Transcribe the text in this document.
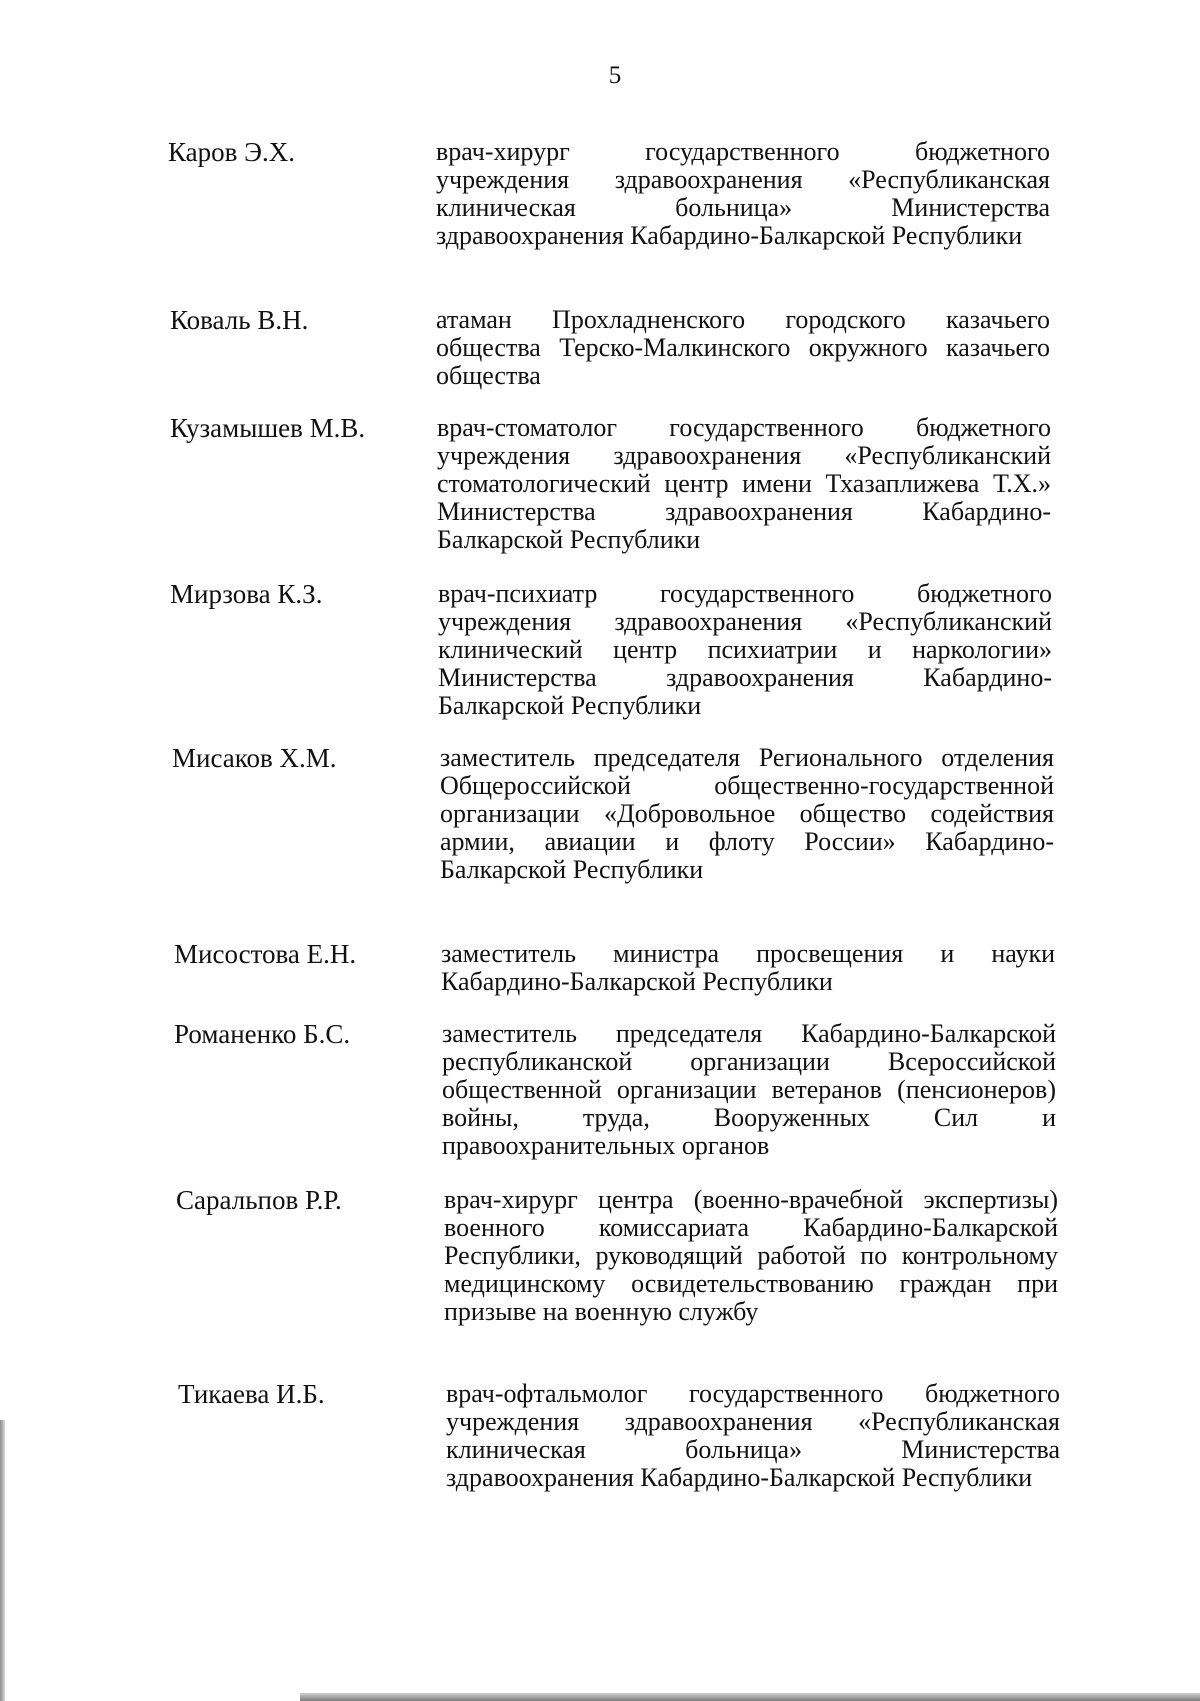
5
Каров Э.Х.	врач-хирург государственного бюджетного учреждения здравоохранения «Республиканская клиническая больница» Министерства здравоохранения Кабардино-Балкарской Республики
Коваль В.Н.	атаман Прохладненского городского казачьего общества Терско-Малкинского окружного казачьего общества
Кузамышев М.В.	врач-стоматолог государственного бюджетного учреждения здравоохранения «Республиканский стоматологический центр имени Тхазаплижева Т.Х.» Министерства здравоохранения Кабардино-Балкарской Республики
Мирзова К.З.	врач-психиатр государственного бюджетного учреждения здравоохранения «Республиканский клинический центр психиатрии и наркологии» Министерства здравоохранения Кабардино-Балкарской Республики
Мисаков Х.М.	заместитель председателя Регионального отделения Общероссийской общественно-государственной организации «Добровольное общество содействия армии, авиации и флоту России» Кабардино-Балкарской Республики
Мисостова Е.Н.	заместитель министра просвещения и науки Кабардино-Балкарской Республики
Романенко Б.С.	заместитель председателя Кабардино-Балкарской республиканской организации Всероссийской общественной организации ветеранов (пенсионеров) войны, труда, Вооруженных Сил и правоохранительных органов
Саральпов Р.Р.	врач-хирург центра (военно-врачебной экспертизы) военного комиссариата Кабардино-Балкарской Республики, руководящий работой по контрольному медицинскому освидетельствованию граждан при призыве на военную службу
Тикаева И.Б.	врач-офтальмолог государственного бюджетного учреждения здравоохранения «Республиканская клиническая больница» Министерства здравоохранения Кабардино-Балкарской Республики
